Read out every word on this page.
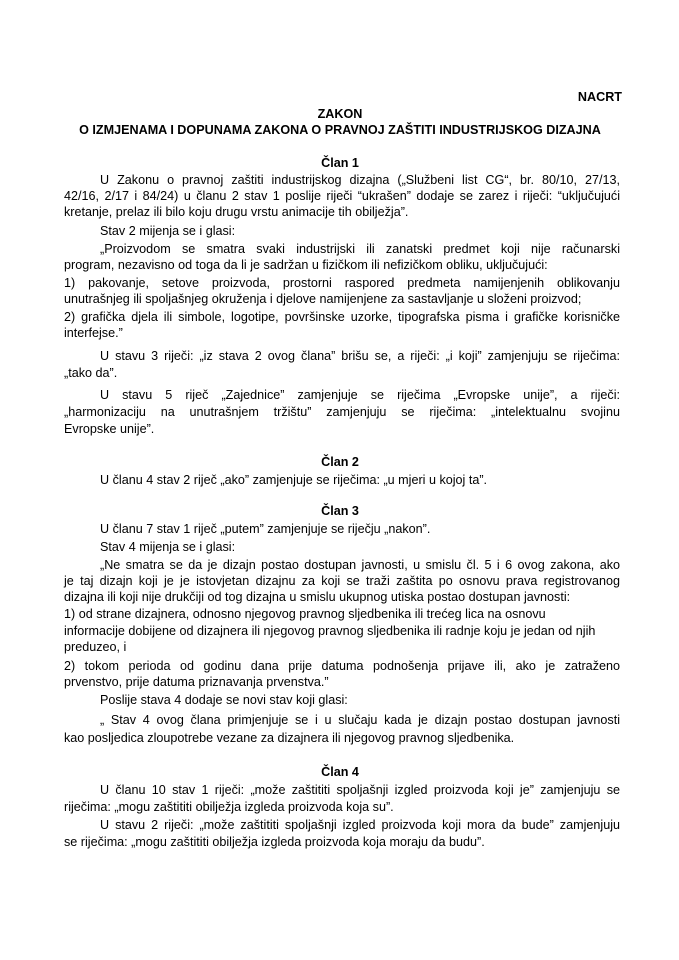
NACRT
ZAKON
O IZMJENAMA I DOPUNAMA ZAKONA O PRAVNOJ ZAŠTITI INDUSTRIJSKOG DIZAJNA
Član 1
U Zakonu o pravnoj zaštiti industrijskog dizajna („Službeni list CG“, br. 80/10, 27/13,
42/16, 2/17 i 84/24) u članu 2 stav 1 poslije riječi “ukrašen” dodaje se zarez i riječi: “uključujući
kretanje, prelaz ili bilo koju drugu vrstu animacije tih obilježja”.
Stav 2 mijenja se i glasi:
„Proizvodom se smatra svaki industrijski ili zanatski predmet koji nije računarski
program, nezavisno od toga da li je sadržan u fizičkom ili nefizičkom obliku, uključujući:
1) pakovanje, setove proizvoda, prostorni raspored predmeta namijenjenih oblikovanju
unutrašnjeg ili spoljašnjeg okruženja i djelove namijenjene za sastavljanje u složeni proizvod;
2) grafička djela ili simbole, logotipe, površinske uzorke, tipografska pisma i grafičke korisničke
interfejse.”
U stavu 3 riječi: „iz stava 2 ovog člana” brišu se, a riječi: „i koji” zamjenjuju se riječima:
„tako da”.
U stavu 5 riječ „Zajednice” zamjenjuje se riječima „Evropske unije”, a riječi:
„harmonizaciju na unutrašnjem tržištu” zamjenjuju se riječima: „intelektualnu svojinu
Evropske unije”.
Član 2
U članu 4 stav 2 riječ „ako” zamjenjuje se riječima: „u mjeri u kojoj ta”.
Član 3
U članu 7 stav 1 riječ „putem” zamjenjuje se riječju „nakon”.
Stav 4 mijenja se i glasi:
„Ne smatra se da je dizajn postao dostupan javnosti, u smislu čl. 5 i 6 ovog zakona, ako
je taj dizajn koji je je istovjetan dizajnu za koji se traži zaštita po osnovu prava registrovanog
dizajna ili koji nije drukčiji od tog dizajna u smislu ukupnog utiska postao dostupan javnosti:
1) od strane dizajnera, odnosno njegovog pravnog sljedbenika ili trećeg lica na osnovu
informacije dobijene od dizajnera ili njegovog pravnog sljedbenika ili radnje koju je jedan od njih
preduzeo, i
2) tokom perioda od godinu dana prije datuma podnošenja prijave ili, ako je zatraženo
prvenstvo, prije datuma priznavanja prvenstva.”
Poslije stava 4 dodaje se novi stav koji glasi:
„ Stav 4 ovog člana primjenjuje se i u slučaju kada je dizajn postao dostupan javnosti
kao posljedica zloupotrebe vezane za dizajnera ili njegovog pravnog sljedbenika.
Član 4
U članu 10 stav 1 riječi: „može zaštititi spoljašnji izgled proizvoda koji je” zamjenjuju se
riječima: „mogu zaštititi obilježja izgleda proizvoda koja su”.
U stavu 2 riječi: „može zaštititi spoljašnji izgled proizvoda koji mora da bude” zamjenjuju
se riječima: „mogu zaštititi obilježja izgleda proizvoda koja moraju da budu”.
